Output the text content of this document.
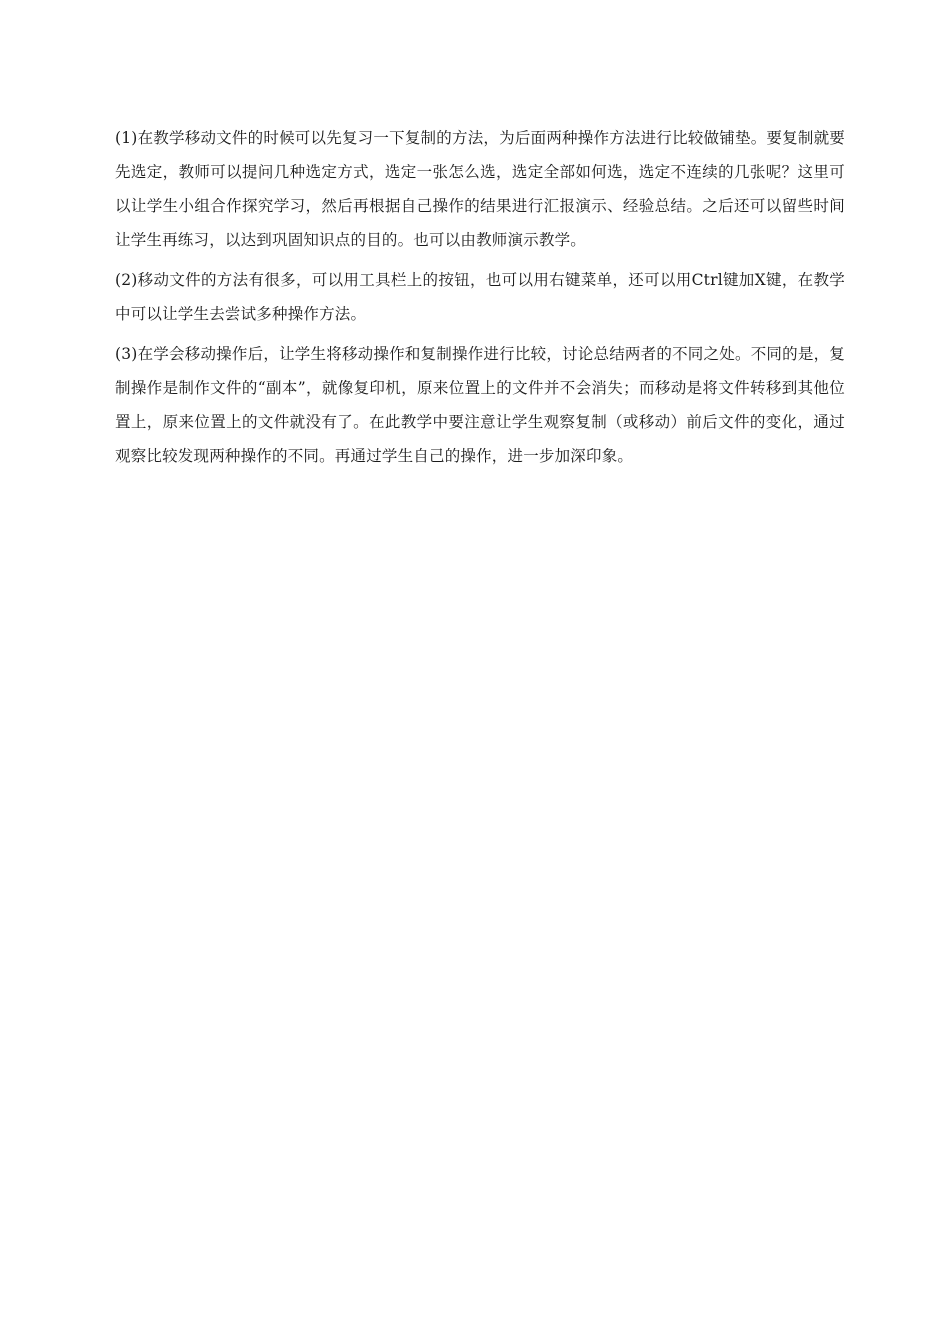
(1)在教学移动文件的时候可以先复习一下复制的方法，为后面两种操作方法进行比较做铺垫。要复制就要先选定，教师可以提问几种选定方式，选定一张怎么选，选定全部如何选，选定不连续的几张呢？这里可以让学生小组合作探究学习，然后再根据自己操作的结果进行汇报演示、经验总结。之后还可以留些时间让学生再练习，以达到巩固知识点的目的。也可以由教师演示教学。

(2)移动文件的方法有很多，可以用工具栏上的按钮，也可以用右键菜单，还可以用Ctrl键加X键，在教学中可以让学生去尝试多种操作方法。

(3)在学会移动操作后，让学生将移动操作和复制操作进行比较，讨论总结两者的不同之处。不同的是，复制操作是制作文件的“副本”，就像复印机，原来位置上的文件并不会消失；而移动是将文件转移到其他位置上，原来位置上的文件就没有了。在此教学中要注意让学生观察复制（或移动）前后文件的变化，通过观察比较发现两种操作的不同。再通过学生自己的操作，进一步加深印象。
